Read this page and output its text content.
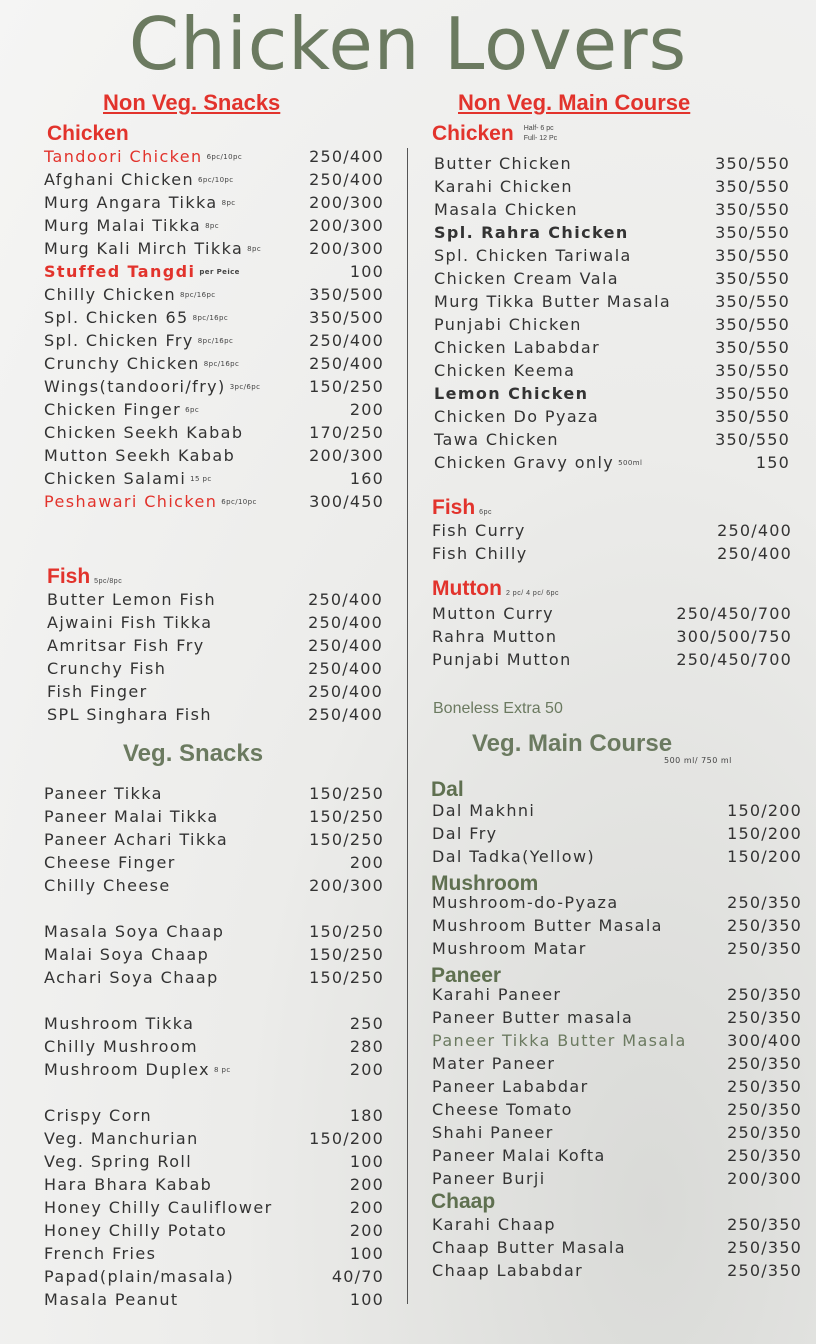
Chicken Lovers
Non Veg. Snacks	Non Veg. Main Course
Chicken
Tandoori Chicken 6pc/10pc	250/400
Afghani Chicken 6pc/10pc	250/400
Murg Angara Tikka 8pc	200/300
Murg Malai Tikka 8pc	200/300
Murg Kali Mirch Tikka 8pc	200/300
Stuffed Tangdi per Peice	100
Chilly Chicken 8pc/16pc	350/500
Spl. Chicken 65 8pc/16pc	350/500
Spl. Chicken Fry 8pc/16pc	250/400
Crunchy Chicken 8pc/16pc	250/400
Wings(tandoori/fry) 3pc/6pc	150/250
Chicken Finger 6pc	200
Chicken Seekh Kabab	170/250
Mutton Seekh Kabab	200/300
Chicken Salami 15 pc	160
Peshawari Chicken 6pc/10pc	300/450
Fish 5pc/8pc
Butter Lemon Fish	250/400
Ajwaini Fish Tikka	250/400
Amritsar Fish Fry	250/400
Crunchy Fish	250/400
Fish Finger	250/400
SPL Singhara Fish	250/400
Veg. Snacks
Paneer Tikka	150/250
Paneer Malai Tikka	150/250
Paneer Achari Tikka	150/250
Cheese Finger	200
Chilly Cheese	200/300
Masala Soya Chaap	150/250
Malai Soya Chaap	150/250
Achari Soya Chaap	150/250
Mushroom Tikka	250
Chilly Mushroom	280
Mushroom Duplex 8 pc	200
Crispy Corn	180
Veg. Manchurian	150/200
Veg. Spring Roll	100
Hara Bhara Kabab	200
Honey Chilly Cauliflower	200
Honey Chilly Potato	200
French Fries	100
Papad(plain/masala)	40/70
Masala Peanut	100
Chicken Half- 6 pc
Full- 12 Pc
Butter Chicken	350/550
Karahi Chicken	350/550
Masala Chicken	350/550
Spl. Rahra Chicken	350/550
Spl. Chicken Tariwala	350/550
Chicken Cream Vala	350/550
Murg Tikka Butter Masala	350/550
Punjabi Chicken	350/550
Chicken Lababdar	350/550
Chicken Keema	350/550
Lemon Chicken	350/550
Chicken Do Pyaza	350/550
Tawa Chicken	350/550
Chicken Gravy only 500ml	150
Fish 6pc
Fish Curry	250/400
Fish Chilly	250/400
Mutton 2 pc/ 4 pc/ 6pc
Mutton Curry	250/450/700
Rahra Mutton	300/500/750
Punjabi Mutton	250/450/700
Boneless Extra 50
Veg. Main Course
500 ml/ 750 ml
Dal
Dal Makhni	150/200
Dal Fry	150/200
Dal Tadka(Yellow)	150/200
Mushroom
Mushroom-do-Pyaza	250/350
Mushroom Butter Masala	250/350
Mushroom Matar	250/350
Paneer
Karahi Paneer	250/350
Paneer Butter masala	250/350
Paneer Tikka Butter Masala	300/400
Mater Paneer	250/350
Paneer Lababdar	250/350
Cheese Tomato	250/350
Shahi Paneer	250/350
Paneer Malai Kofta	250/350
Paneer Burji	200/300
Chaap
Karahi Chaap	250/350
Chaap Butter Masala	250/350
Chaap Lababdar	250/350
